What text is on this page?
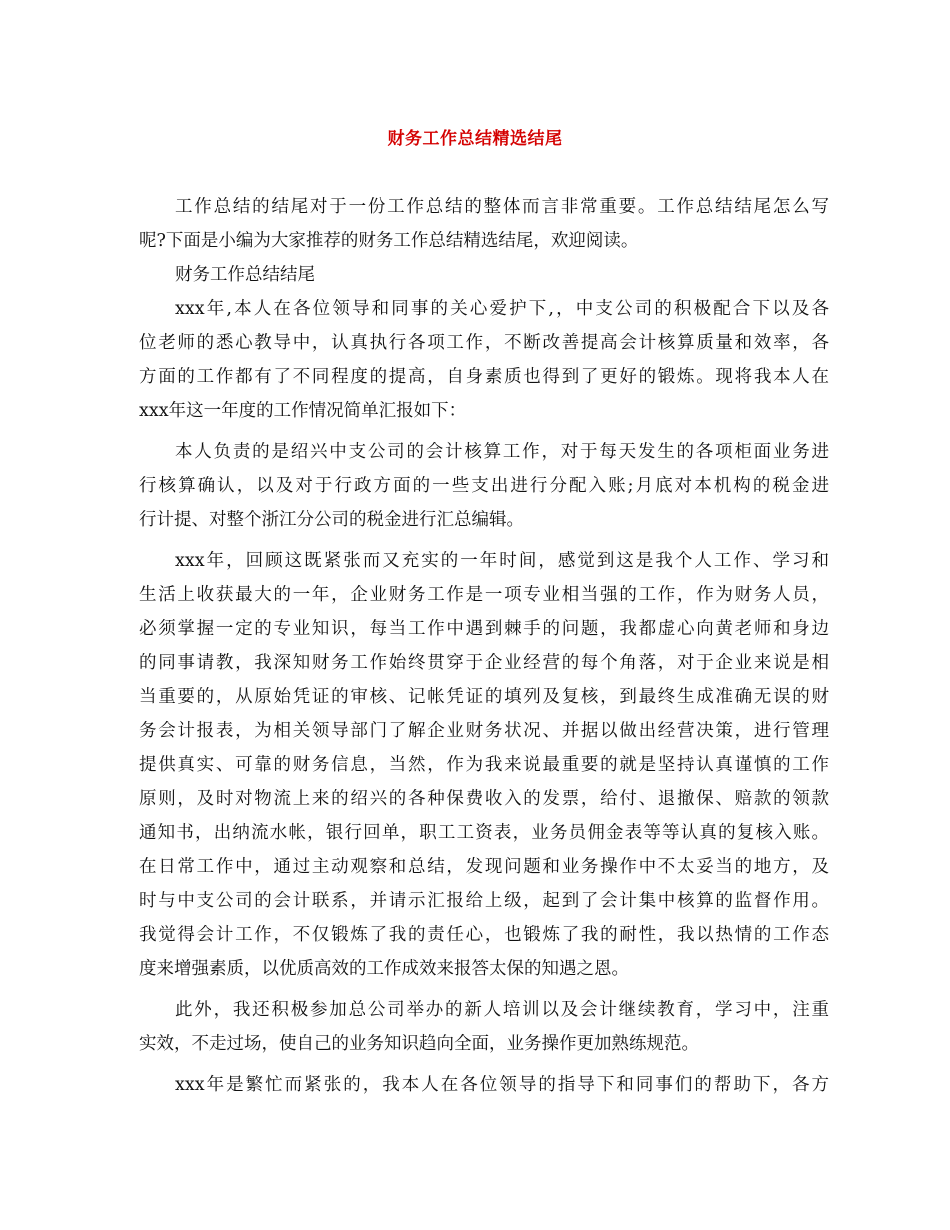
财务工作总结精选结尾
工作总结的结尾对于一份工作总结的整体而言非常重要。工作总结结尾怎么写
呢?下面是小编为大家推荐的财务工作总结精选结尾，欢迎阅读。
财务工作总结结尾
xxx年,本人在各位领导和同事的关心爱护下,，中支公司的积极配合下以及各
位老师的悉心教导中，认真执行各项工作，不断改善提高会计核算质量和效率，各
方面的工作都有了不同程度的提高，自身素质也得到了更好的锻炼。现将我本人在
xxx年这一年度的工作情况简单汇报如下：
本人负责的是绍兴中支公司的会计核算工作，对于每天发生的各项柜面业务进
行核算确认，以及对于行政方面的一些支出进行分配入账;月底对本机构的税金进
行计提、对整个浙江分公司的税金进行汇总编辑。
xxx年，回顾这既紧张而又充实的一年时间，感觉到这是我个人工作、学习和
生活上收获最大的一年，企业财务工作是一项专业相当强的工作，作为财务人员，
必须掌握一定的专业知识，每当工作中遇到棘手的问题，我都虚心向黄老师和身边
的同事请教，我深知财务工作始终贯穿于企业经营的每个角落，对于企业来说是相
当重要的，从原始凭证的审核、记帐凭证的填列及复核，到最终生成准确无误的财
务会计报表，为相关领导部门了解企业财务状况、并据以做出经营决策，进行管理
提供真实、可靠的财务信息，当然，作为我来说最重要的就是坚持认真谨慎的工作
原则，及时对物流上来的绍兴的各种保费收入的发票，给付、退撤保、赔款的领款
通知书，出纳流水帐，银行回单，职工工资表，业务员佣金表等等认真的复核入账。
在日常工作中，通过主动观察和总结，发现问题和业务操作中不太妥当的地方，及
时与中支公司的会计联系，并请示汇报给上级，起到了会计集中核算的监督作用。
我觉得会计工作，不仅锻炼了我的责任心，也锻炼了我的耐性，我以热情的工作态
度来增强素质，以优质高效的工作成效来报答太保的知遇之恩。
此外，我还积极参加总公司举办的新人培训以及会计继续教育，学习中，注重
实效，不走过场，使自己的业务知识趋向全面，业务操作更加熟练规范。
xxx年是繁忙而紧张的，我本人在各位领导的指导下和同事们的帮助下，各方
